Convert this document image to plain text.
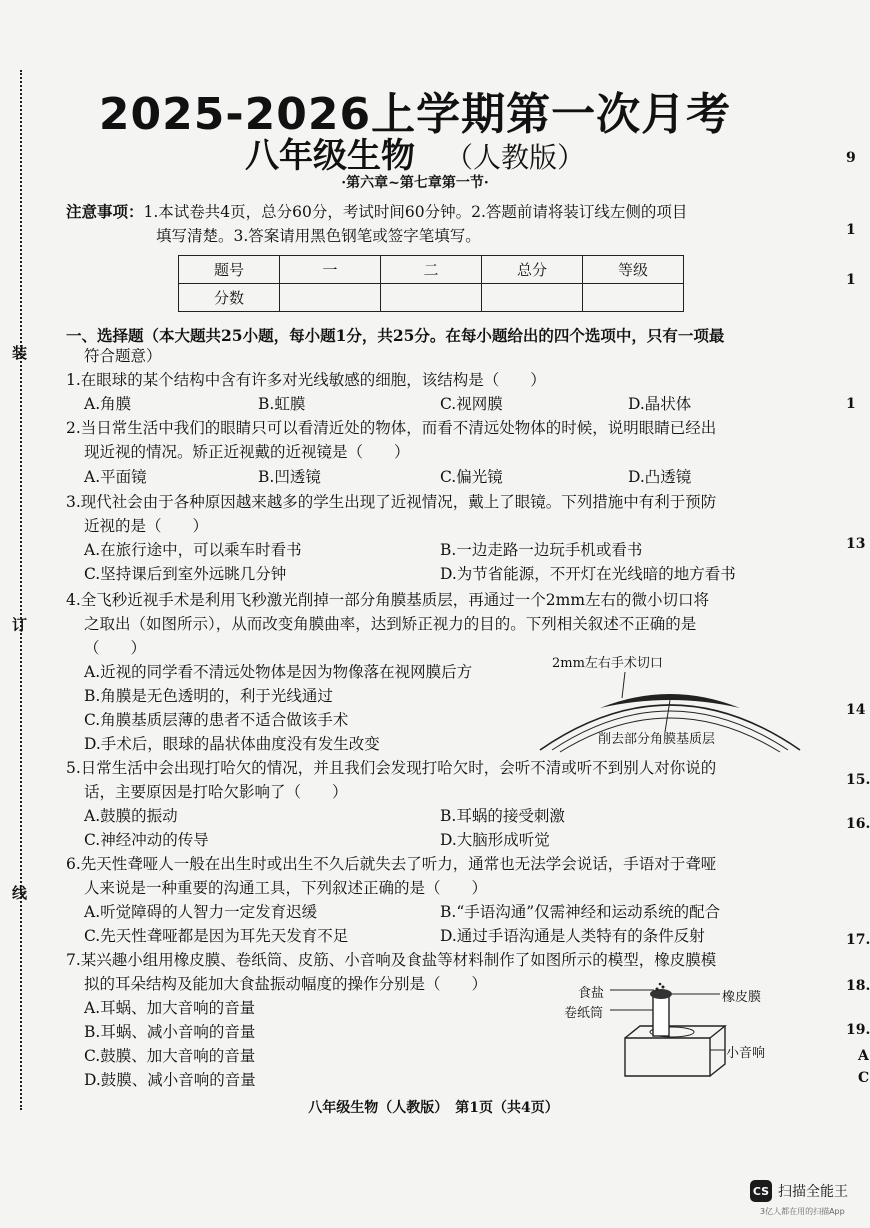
装
订
线
2025-2026上学期第一次月考
八年级生物 （人教版）
·第六章~第七章第一节·
注意事项：1.本试卷共4页，总分60分，考试时间60分钟。2.答题前请将装订线左侧的项目
填写清楚。3.答案请用黑色钢笔或签字笔填写。
题号	一	二	总分	等级
分数				
一、选择题（本大题共25小题，每小题1分，共25分。在每小题给出的四个选项中，只有一项最
符合题意）
1.在眼球的某个结构中含有许多对光线敏感的细胞，该结构是（　　）
A.角膜	B.虹膜	C.视网膜	D.晶状体
2.当日常生活中我们的眼睛只可以看清近处的物体，而看不清远处物体的时候，说明眼睛已经出
现近视的情况。矫正近视戴的近视镜是（　　）
A.平面镜	B.凹透镜	C.偏光镜	D.凸透镜
3.现代社会由于各种原因越来越多的学生出现了近视情况，戴上了眼镜。下列措施中有利于预防
近视的是（　　）
A.在旅行途中，可以乘车时看书	B.一边走路一边玩手机或看书
C.坚持课后到室外远眺几分钟	D.为节省能源，不开灯在光线暗的地方看书
4.全飞秒近视手术是利用飞秒激光削掉一部分角膜基质层，再通过一个2mm左右的微小切口将
之取出（如图所示），从而改变角膜曲率，达到矫正视力的目的。下列相关叙述不正确的是
（　　）
A.近视的同学看不清远处物体是因为物像落在视网膜后方
B.角膜是无色透明的，利于光线通过
C.角膜基质层薄的患者不适合做该手术
D.手术后，眼球的晶状体曲度没有发生改变
2mm左右手术切口
削去部分角膜基质层
5.日常生活中会出现打哈欠的情况，并且我们会发现打哈欠时，会听不清或听不到别人对你说的
话，主要原因是打哈欠影响了（　　）
A.鼓膜的振动	B.耳蜗的接受刺激
C.神经冲动的传导	D.大脑形成听觉
6.先天性聋哑人一般在出生时或出生不久后就失去了听力，通常也无法学会说话，手语对于聋哑
人来说是一种重要的沟通工具，下列叙述正确的是（　　）
A.听觉障碍的人智力一定发育迟缓	B.“手语沟通”仅需神经和运动系统的配合
C.先天性聋哑都是因为耳先天发育不足	D.通过手语沟通是人类特有的条件反射
7.某兴趣小组用橡皮膜、卷纸筒、皮筋、小音响及食盐等材料制作了如图所示的模型，橡皮膜模
拟的耳朵结构及能加大食盐振动幅度的操作分别是（　　）
A.耳蜗、加大音响的音量
B.耳蜗、减小音响的音量
C.鼓膜、加大音响的音量
D.鼓膜、减小音响的音量
食盐
卷纸筒
橡皮膜
小音响
八年级生物（人教版）　第1页（共4页）
9
1
1
1
13
14
15.
16.
17.
18.
19.
A
C
CS 扫描全能王
3亿人都在用的扫描App
